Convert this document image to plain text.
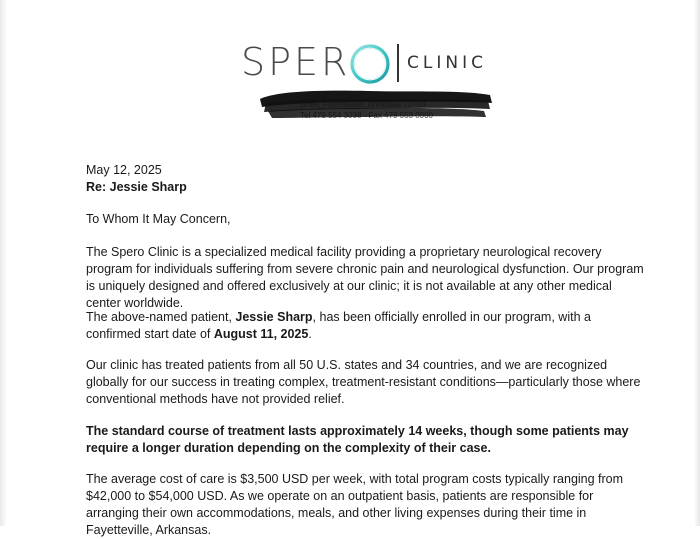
SPER	CLINIC
May 12, 2025
Re: Jessie Sharp
To Whom It May Concern,
The Spero Clinic is a specialized medical facility providing a proprietary neurological recovery program for individuals suffering from severe chronic pain and neurological dysfunction. Our program is uniquely designed and offered exclusively at our clinic; it is not available at any other medical center worldwide.
The above-named patient, Jessie Sharp, has been officially enrolled in our program, with a confirmed start date of August 11, 2025.
Our clinic has treated patients from all 50 U.S. states and 34 countries, and we are recognized globally for our success in treating complex, treatment-resistant conditions—particularly those where conventional methods have not provided relief.
The standard course of treatment lasts approximately 14 weeks, though some patients may require a longer duration depending on the complexity of their case.
The average cost of care is $3,500 USD per week, with total program costs typically ranging from $42,000 to $54,000 USD. As we operate on an outpatient basis, patients are responsible for arranging their own accommodations, meals, and other living expenses during their time in Fayetteville, Arkansas.
